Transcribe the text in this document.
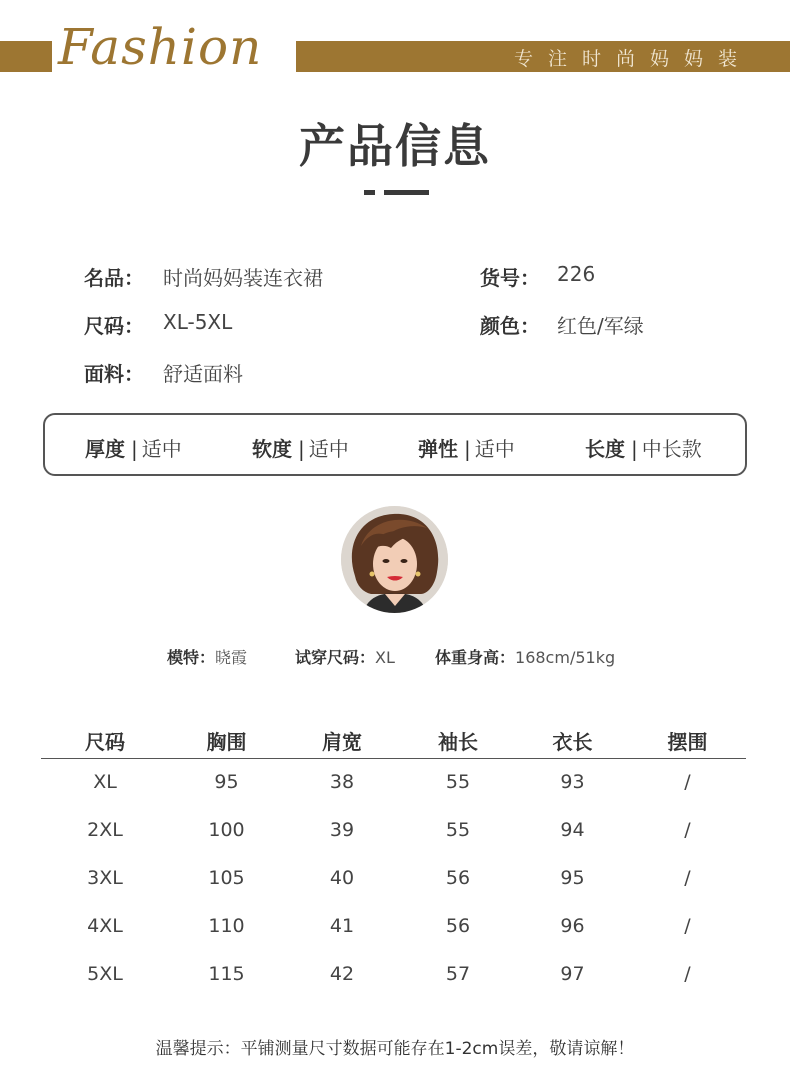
Fashion	专注时尚妈妈装
产品信息
名品： 时尚妈妈装连衣裙	货号： 226
尺码： XL-5XL	颜色： 红色/军绿
面料： 舒适面料
厚度 | 适中	软度 | 适中	弹性 | 适中	长度 | 中长款
模特：晓霞	试穿尺码：XL	体重身高：168cm/51kg
尺码	胸围	肩宽	袖长	衣长	摆围
XL	95	38	55	93	/
2XL	100	39	55	94	/
3XL	105	40	56	95	/
4XL	110	41	56	96	/
5XL	115	42	57	97	/
温馨提示：平铺测量尺寸数据可能存在1-2cm误差，敬请谅解！
